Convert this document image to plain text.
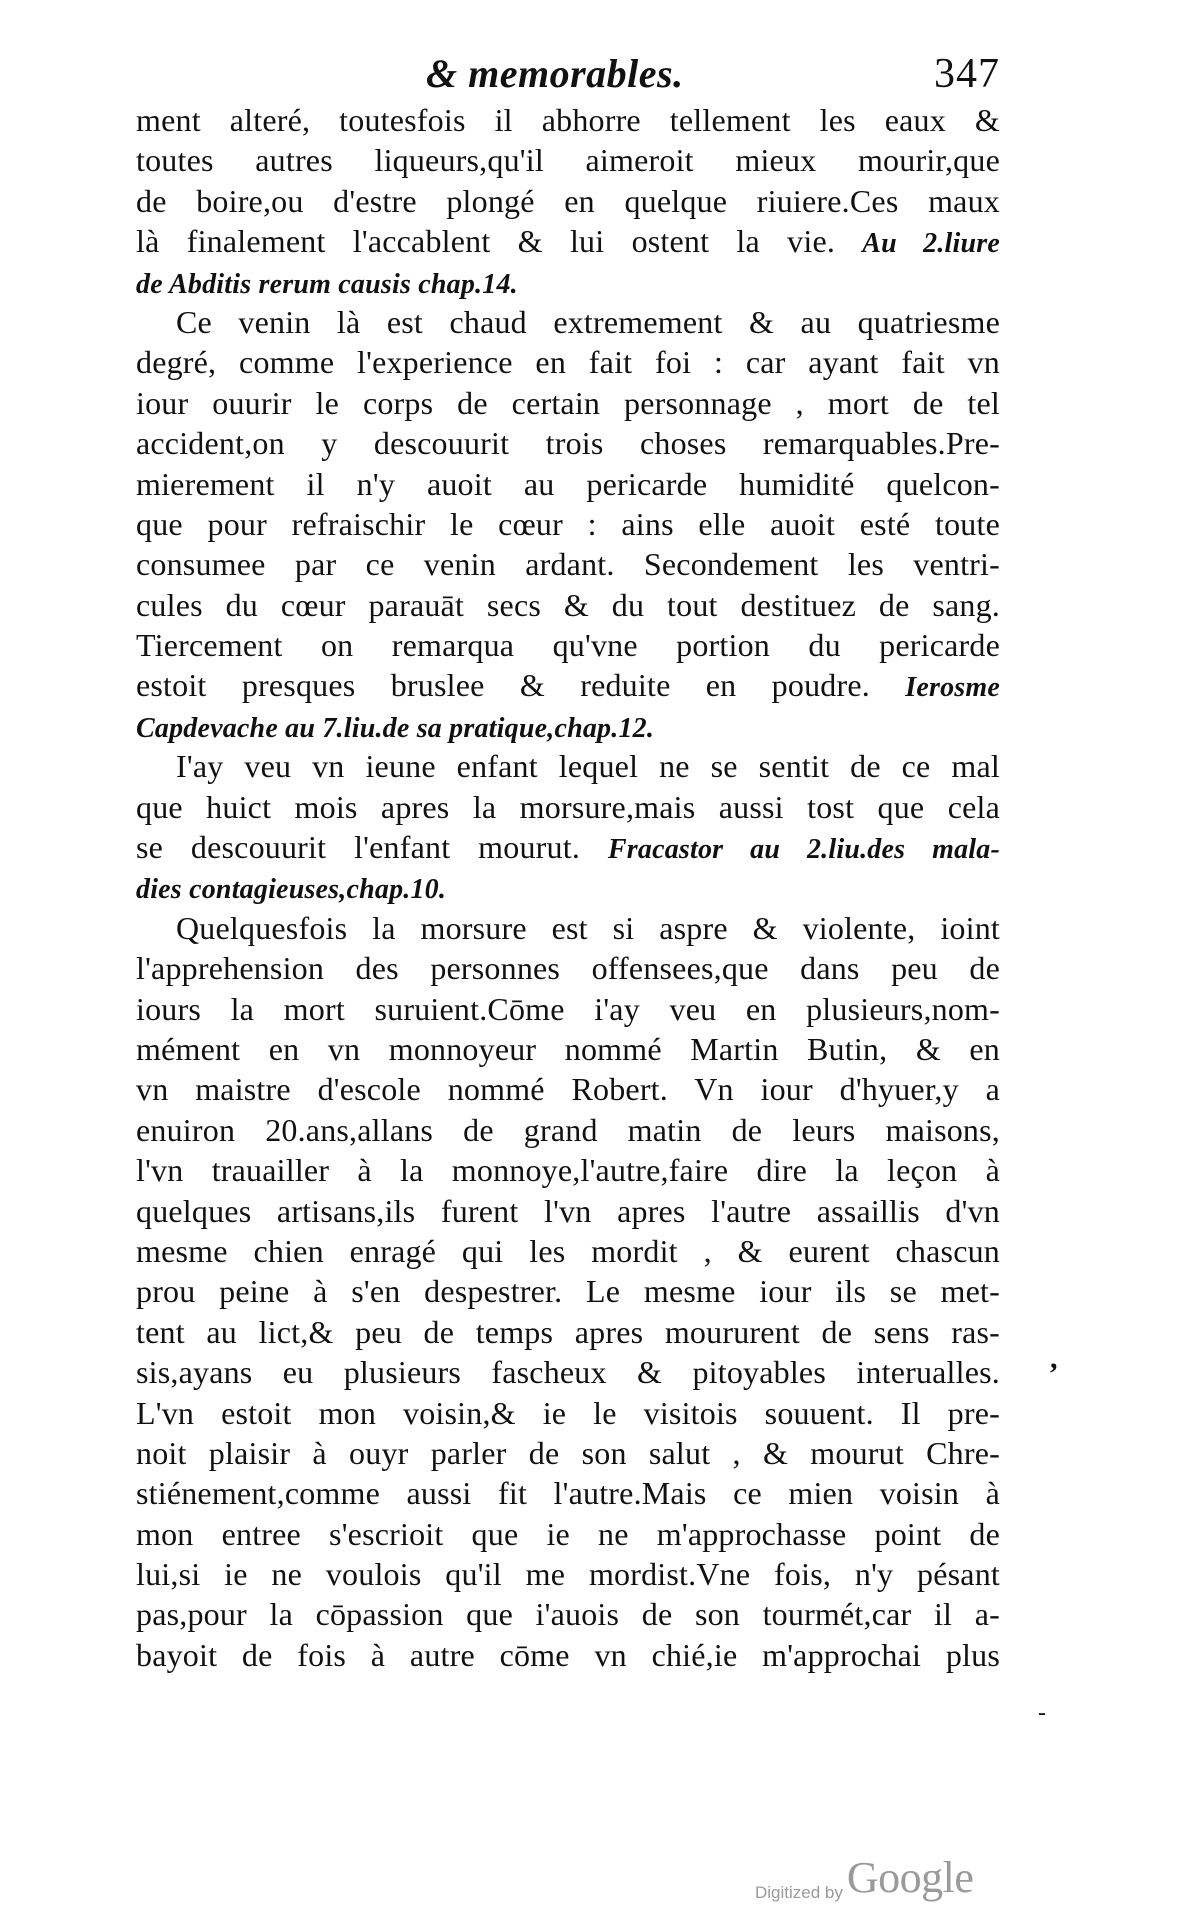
& memorables.	347
ment alteré, toutesfois il abhorre tellement les eaux &
toutes autres liqueurs,qu'il aimeroit mieux mourir,que
de boire,ou d'estre plongé en quelque riuiere.Ces maux
là finalement l'accablent & lui ostent la vie. Au 2.liure
de Abditis rerum causis chap.14.
Ce venin là est chaud extremement & au quatriesme
degré, comme l'experience en fait foi : car ayant fait vn
iour ouurir le corps de certain personnage , mort de tel
accident,on y descouurit trois choses remarquables.Pre-
mierement il n'y auoit au pericarde humidité quelcon-
que pour refraischir le cœur : ains elle auoit esté toute
consumee par ce venin ardant. Secondement les ventri-
cules du cœur parauāt secs & du tout destituez de sang.
Tiercement on remarqua qu'vne portion du pericarde
estoit presques bruslee & reduite en poudre. Ierosme
Capdevache au 7.liu.de sa pratique,chap.12.
I'ay veu vn ieune enfant lequel ne se sentit de ce mal
que huict mois apres la morsure,mais aussi tost que cela
se descouurit l'enfant mourut. Fracastor au 2.liu.des mala-
dies contagieuses,chap.10.
Quelquesfois la morsure est si aspre & violente, ioint
l'apprehension des personnes offensees,que dans peu de
iours la mort suruient.Cōme i'ay veu en plusieurs,nom-
mément en vn monnoyeur nommé Martin Butin, & en
vn maistre d'escole nommé Robert. Vn iour d'hyuer,y a
enuiron 20.ans,allans de grand matin de leurs maisons,
l'vn trauailler à la monnoye,l'autre,faire dire la leçon à
quelques artisans,ils furent l'vn apres l'autre assaillis d'vn
mesme chien enragé qui les mordit , & eurent chascun
prou peine à s'en despestrer. Le mesme iour ils se met-
tent au lict,& peu de temps apres moururent de sens ras-
sis,ayans eu plusieurs fascheux & pitoyables interualles.
L'vn estoit mon voisin,& ie le visitois souuent. Il pre-
noit plaisir à ouyr parler de son salut , & mourut Chre-
stiénement,comme aussi fit l'autre.Mais ce mien voisin à
mon entree s'escrioit que ie ne m'approchasse point de
lui,si ie ne voulois qu'il me mordist.Vne fois, n'y pésant
pas,pour la cōpassion que i'auois de son tourmét,car il a-
bayoit de fois à autre cōme vn chié,ie m'approchai plus
,
-
Digitized byGoogle
